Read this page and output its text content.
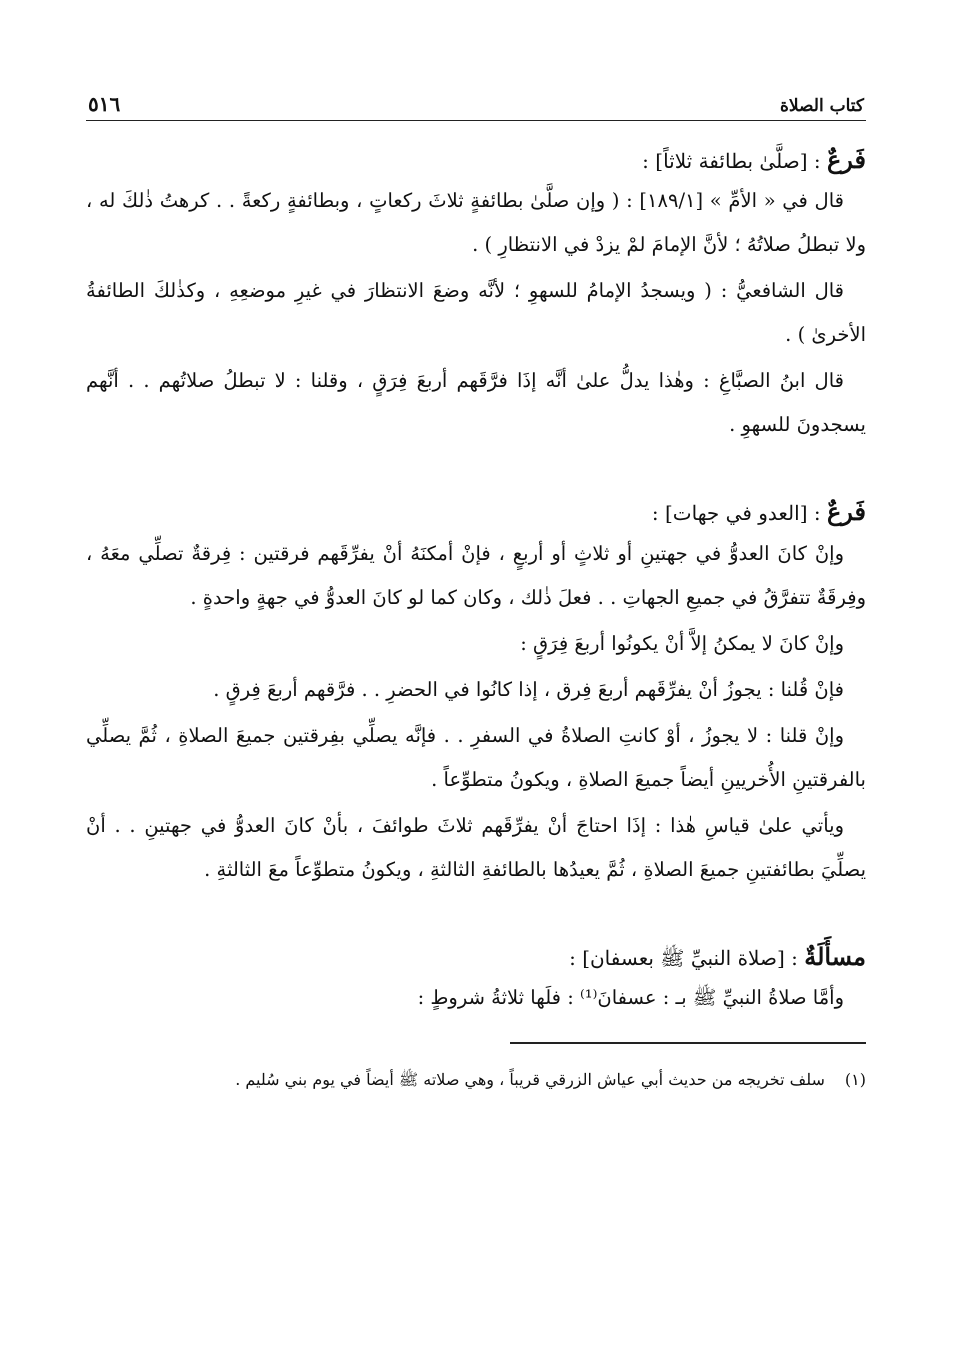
كتاب الصلاة
٥١٦

فَرعٌ : [صلَّىٰ بطائفة ثلاثاً] :

قال في « الأمِّ » [١٨٩/١] : ( وإن صلَّىٰ بطائفةٍ ثلاثَ ركعاتٍ ، وبطائفةٍ ركعةً . . كرهتُ ذٰلكَ له ، ولا تبطلُ صلاتُهُ ؛ لأنَّ الإمامَ لمْ يزدْ في الانتظارِ ) .

قال الشافعيُّ : ( ويسجدُ الإمامُ للسهوِ ؛ لأنَّه وضعَ الانتظارَ في غيرِ موضعِهِ ، وكذٰلكَ الطائفةُ الأخرىٰ ) .

قال ابنُ الصبَّاغِ : وهٰذا يدلُّ علىٰ أنَّه إذَا فرَّقَهم أربعَ فِرَقٍ ، وقلنا : لا تبطلُ صلاتُهم . . أنَّهم يسجدونَ للسهوِ .

فَرعٌ : [العدو في جهات] :

وإنْ كانَ العدوُّ في جهتينِ أو ثلاثٍ أو أربعٍ ، فإنْ أمكنَهُ أنْ يفرِّقَهم فرقتين : فِرقةٌ تصلِّي معَهُ ، وفِرقَةٌ تتفرَّقُ في جميعِ الجهاتِ . . فعلَ ذٰلك ، وكان كما لو كانَ العدوُّ في جهةٍ واحدةٍ .

وإنْ كانَ لا يمكنُ إلاَّ أنْ يكونُوا أربعَ فِرَقٍ :

فإنْ قُلنا : يجوزُ أنْ يفرِّقَهم أربعَ فِرق ، إذا كانُوا في الحضرِ . . فرَّقهم أربعَ فِرقٍ .

وإنْ قلنا : لا يجوزُ ، أوْ كانتِ الصلاةُ في السفرِ . . فإنَّه يصلِّي بفِرقتين جميعَ الصلاةِ ، ثُمَّ يصلِّي بالفرقتينِ الأُخريينِ أيضاً جميعَ الصلاةِ ، ويكونُ متطوِّعاً .

ويأتي علىٰ قياسِ هٰذا : إذَا احتاجَ أنْ يفرِّقَهم ثلاثَ طوائفَ ، بأنْ كانَ العدوُّ في جهتينِ . . أنْ يصلِّيَ بطائفتينِ جميعَ الصلاةِ ، ثُمَّ يعيدُها بالطائفةِ الثالثةِ ، ويكونُ متطوِّعاً معَ الثالثةِ .

مسأَلَةٌ : [صلاة النبيِّ ﷺ بعسفان] :

وأمَّا صلاةُ النبيِّ ﷺ بـ : عسفانَ⁽¹⁾ : فلَها ثلاثةُ شروطٍ :

(١)سلف تخريجه من حديث أبي عياش الزرقي قريباً ، وهي صلاته ﷺ أيضاً في يوم بني سُليم .
